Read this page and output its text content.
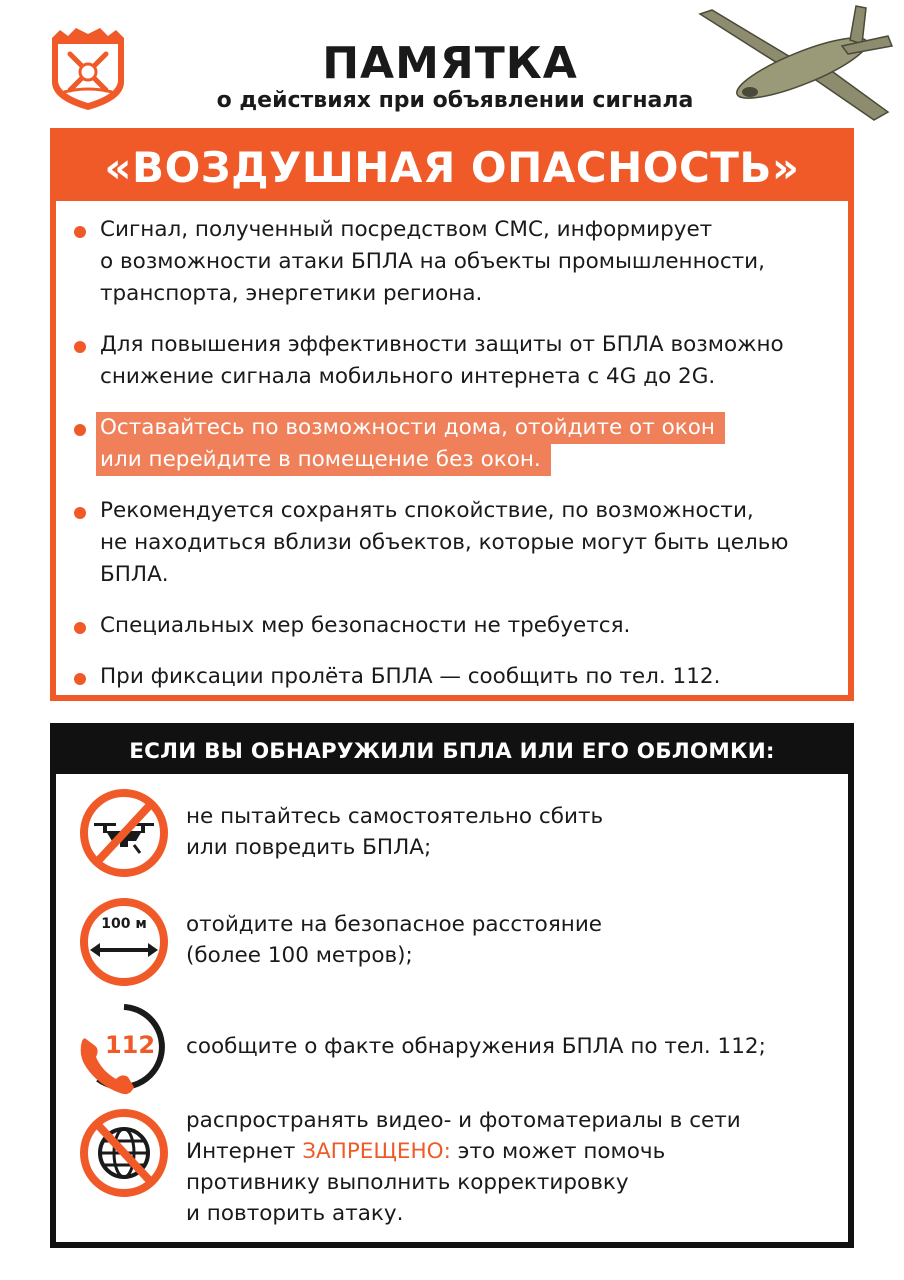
ПАМЯТКА
о действиях при объявлении сигнала
«ВОЗДУШНАЯ ОПАСНОСТЬ»
Сигнал, полученный посредством СМС, информирует
о возможности атаки БПЛА на объекты промышленности,
транспорта, энергетики региона.
Для повышения эффективности защиты от БПЛА возможно
снижение сигнала мобильного интернета с 4G до 2G.
Оставайтесь по возможности дома, отойдите от окон
или перейдите в помещение без окон.
Рекомендуется сохранять спокойствие, по возможности,
не находиться вблизи объектов, которые могут быть целью
БПЛА.
Специальных мер безопасности не требуется.
При фиксации пролёта БПЛА — сообщить по тел. 112.
ЕСЛИ ВЫ ОБНАРУЖИЛИ БПЛА ИЛИ ЕГО ОБЛОМКИ:
не пытайтесь самостоятельно сбить
или повредить БПЛА;
100 м	отойдите на безопасное расстояние
(более 100 метров);
112 сообщите о факте обнаружения БПЛА по тел. 112;
распространять видео- и фотоматериалы в сети
Интернет ЗАПРЕЩЕНО: это может помочь
противнику выполнить корректировку
и повторить атаку.
